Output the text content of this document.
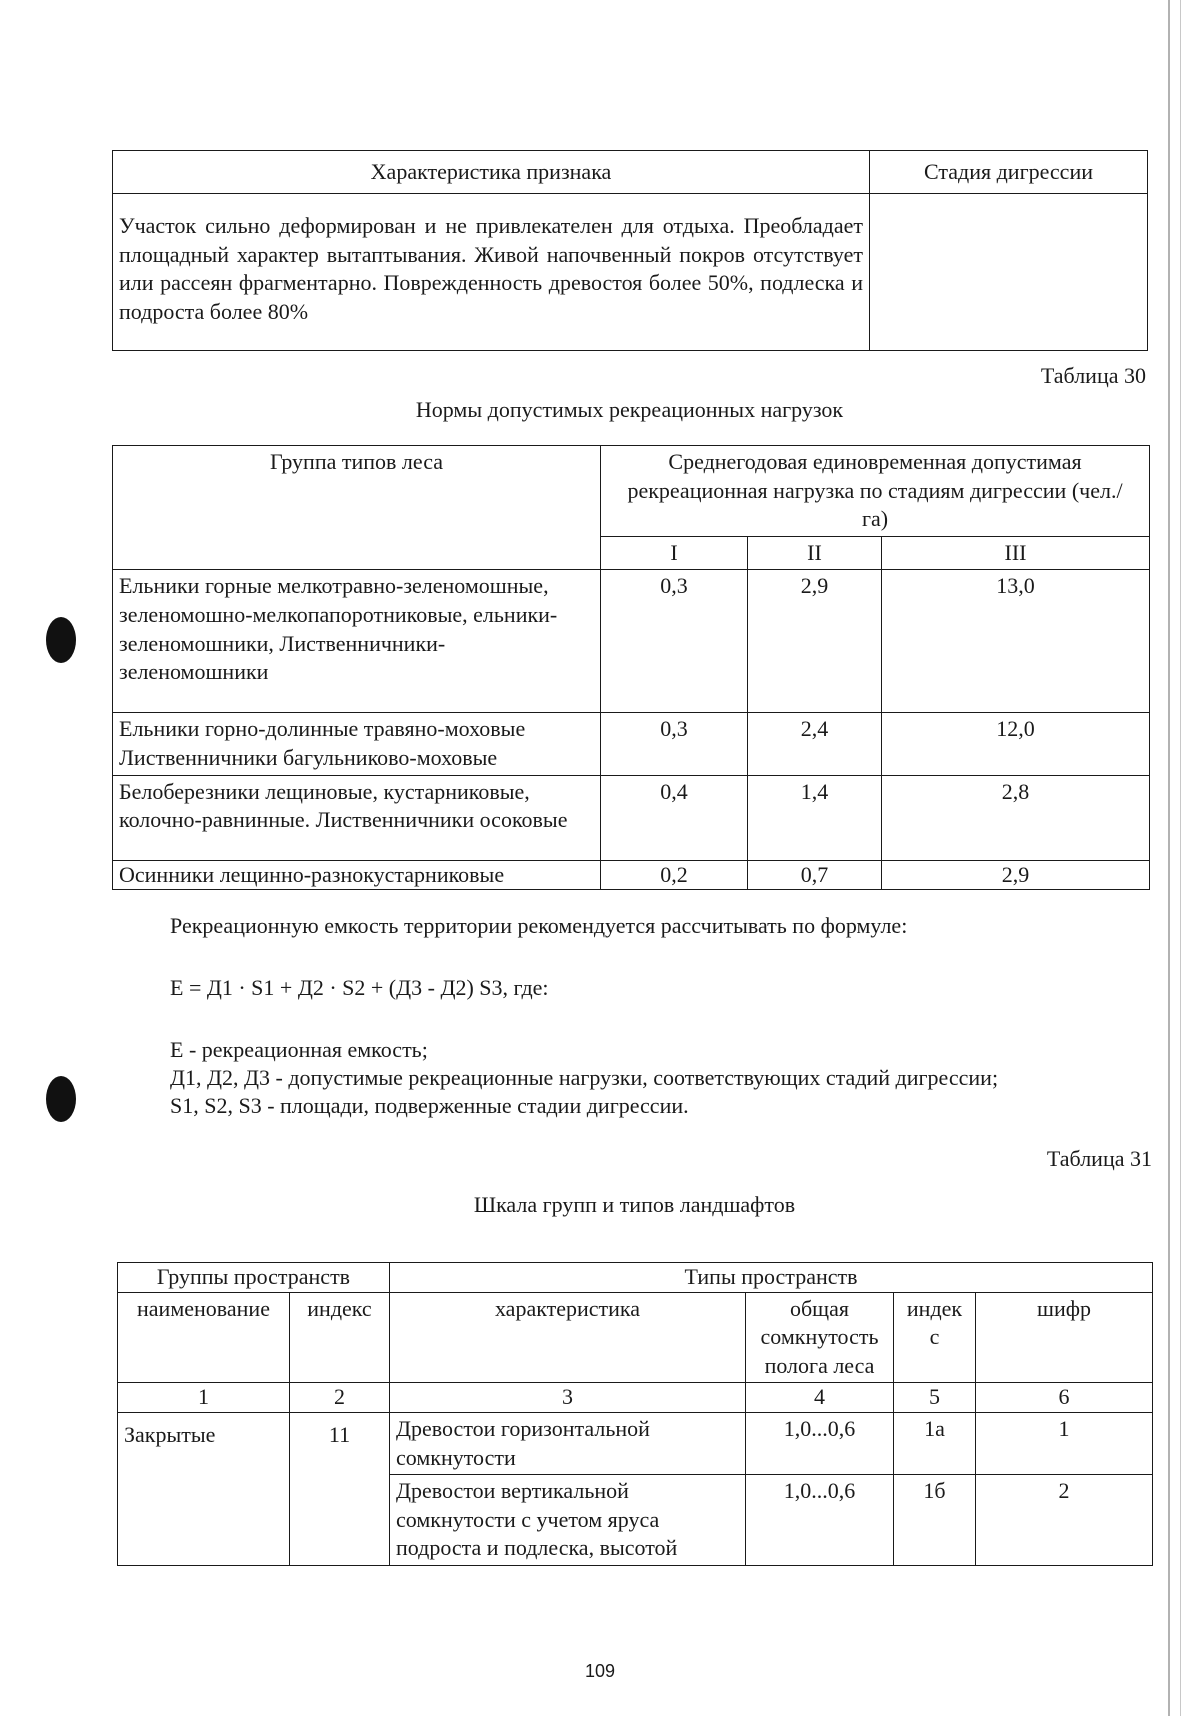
Характеристика признака	Стадия дигрессии
Участок сильно деформирован и не привлекателен для отдыха. Преобладает площадный характер вытаптывания. Живой напочвенный покров отсутствует или рассеян фрагментарно. Поврежденность древостоя более 50%, подлеска и подроста более 80%	
Таблица 30
Нормы допустимых рекреационных нагрузок
Группа типов леса	Среднегодовая единовременная допустимая рекреационная нагрузка по стадиям дигрессии (чел./га)		
	I	II	III
Ельники горные мелкотравно-зеленомошные, зеленомошно-мелкопапоротниковые, ельники-зеленомошники, Лиственничники-зеленомошники	0,3	2,9	13,0
Ельники горно-долинные травяно-моховые Лиственничники багульниково-моховые	0,3	2,4	12,0
Белоберезники лещиновые, кустарниковые, колочно-равнинные. Лиственничники осоковые	0,4	1,4	2,8
Осинники лещинно-разнокустарниковые	0,2	0,7	2,9
Рекреационную емкость территории рекомендуется рассчитывать по формуле:
Е = Д1 · S1 + Д2 · S2 + (Д3 - Д2) S3, где:
Е - рекреационная емкость;
Д1, Д2, Д3 - допустимые рекреационные нагрузки, соответствующих стадий дигрессии;
S1, S2, S3 - площади, подверженные стадии дигрессии.
Таблица 31
Шкала групп и типов ландшафтов
Группы пространств		Типы пространств			
наименование	индекс	характеристика	общая сомкнутость полога леса	индек с	шифр
1	2	3	4	5	6
Закрытые	11	Древостои горизонтальной сомкнутости	1,0...0,6	1а	1
		Древостои вертикальной сомкнутости с учетом яруса подроста и подлеска, высотой	1,0...0,6	1б	2
109
